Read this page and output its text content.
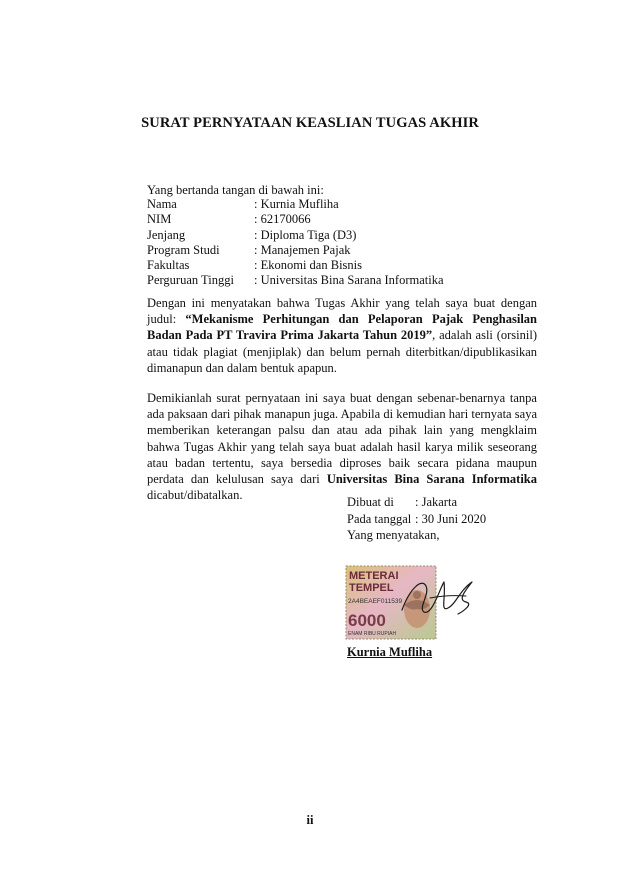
SURAT PERNYATAAN KEASLIAN TUGAS AKHIR
Yang bertanda tangan di bawah ini:
Nama	: Kurnia Mufliha
NIM	: 62170066
Jenjang	: Diploma Tiga (D3)
Program Studi	: Manajemen Pajak
Fakultas	: Ekonomi dan Bisnis
Perguruan Tinggi : Universitas Bina Sarana Informatika
Dengan ini menyatakan bahwa Tugas Akhir yang telah saya buat dengan judul: “Mekanisme Perhitungan dan Pelaporan Pajak Penghasilan Badan Pada PT Travira Prima Jakarta Tahun 2019”, adalah asli (orsinil) atau tidak plagiat (menjiplak) dan belum pernah diterbitkan/dipublikasikan dimanapun dan dalam bentuk apapun.
Demikianlah surat pernyataan ini saya buat dengan sebenar-benarnya tanpa ada paksaan dari pihak manapun juga. Apabila di kemudian hari ternyata saya memberikan keterangan palsu dan atau ada pihak lain yang mengklaim bahwa Tugas Akhir yang telah saya buat adalah hasil karya milik seseorang atau badan tertentu, saya bersedia diproses baik secara pidana maupun perdata dan kelulusan saya dari Universitas Bina Sarana Informatika dicabut/dibatalkan.	Dibuat di : Jakarta
Pada tanggal : 30 Juni 2020
Yang menyatakan,
METERAI
TEMPEL
2A4BEAEF011539
6000
ENAM RIBU RUPIAH
Kurnia Mufliha
ii
